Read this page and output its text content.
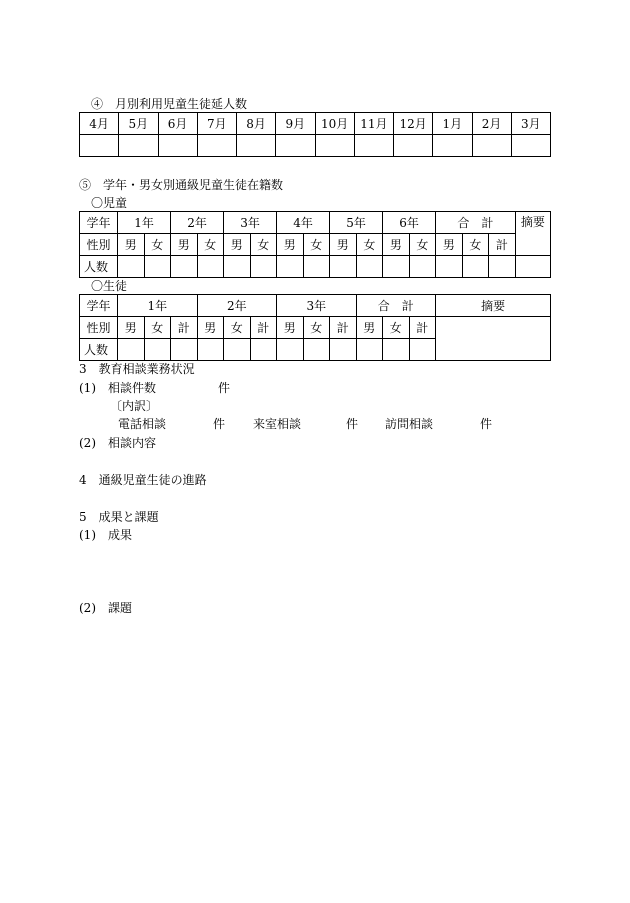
④　月別利用児童生徒延人数
4月	5月	6月	7月	8月	9月	10月	11月	12月	1月	2月	3月

⑤　学年・男女別通級児童生徒在籍数
〇児童
学年	1年		2年		3年		4年		5年		6年		合　計			摘要
性別	男	女	男	女	男	女	男	女	男	女	男	女	男	女	計	
人数																
〇生徒
学年	1年			2年			3年			合　計			摘要
性別	男	女	計	男	女	計	男	女	計	男	女	計	
人数													
3　教育相談業務状況
(1)　相談件数	件
〔内訳〕
電話相談	件 来室相談	件 訪問相談	件
(2)　相談内容
4　通級児童生徒の進路
5　成果と課題
(1)　成果
(2)　課題
